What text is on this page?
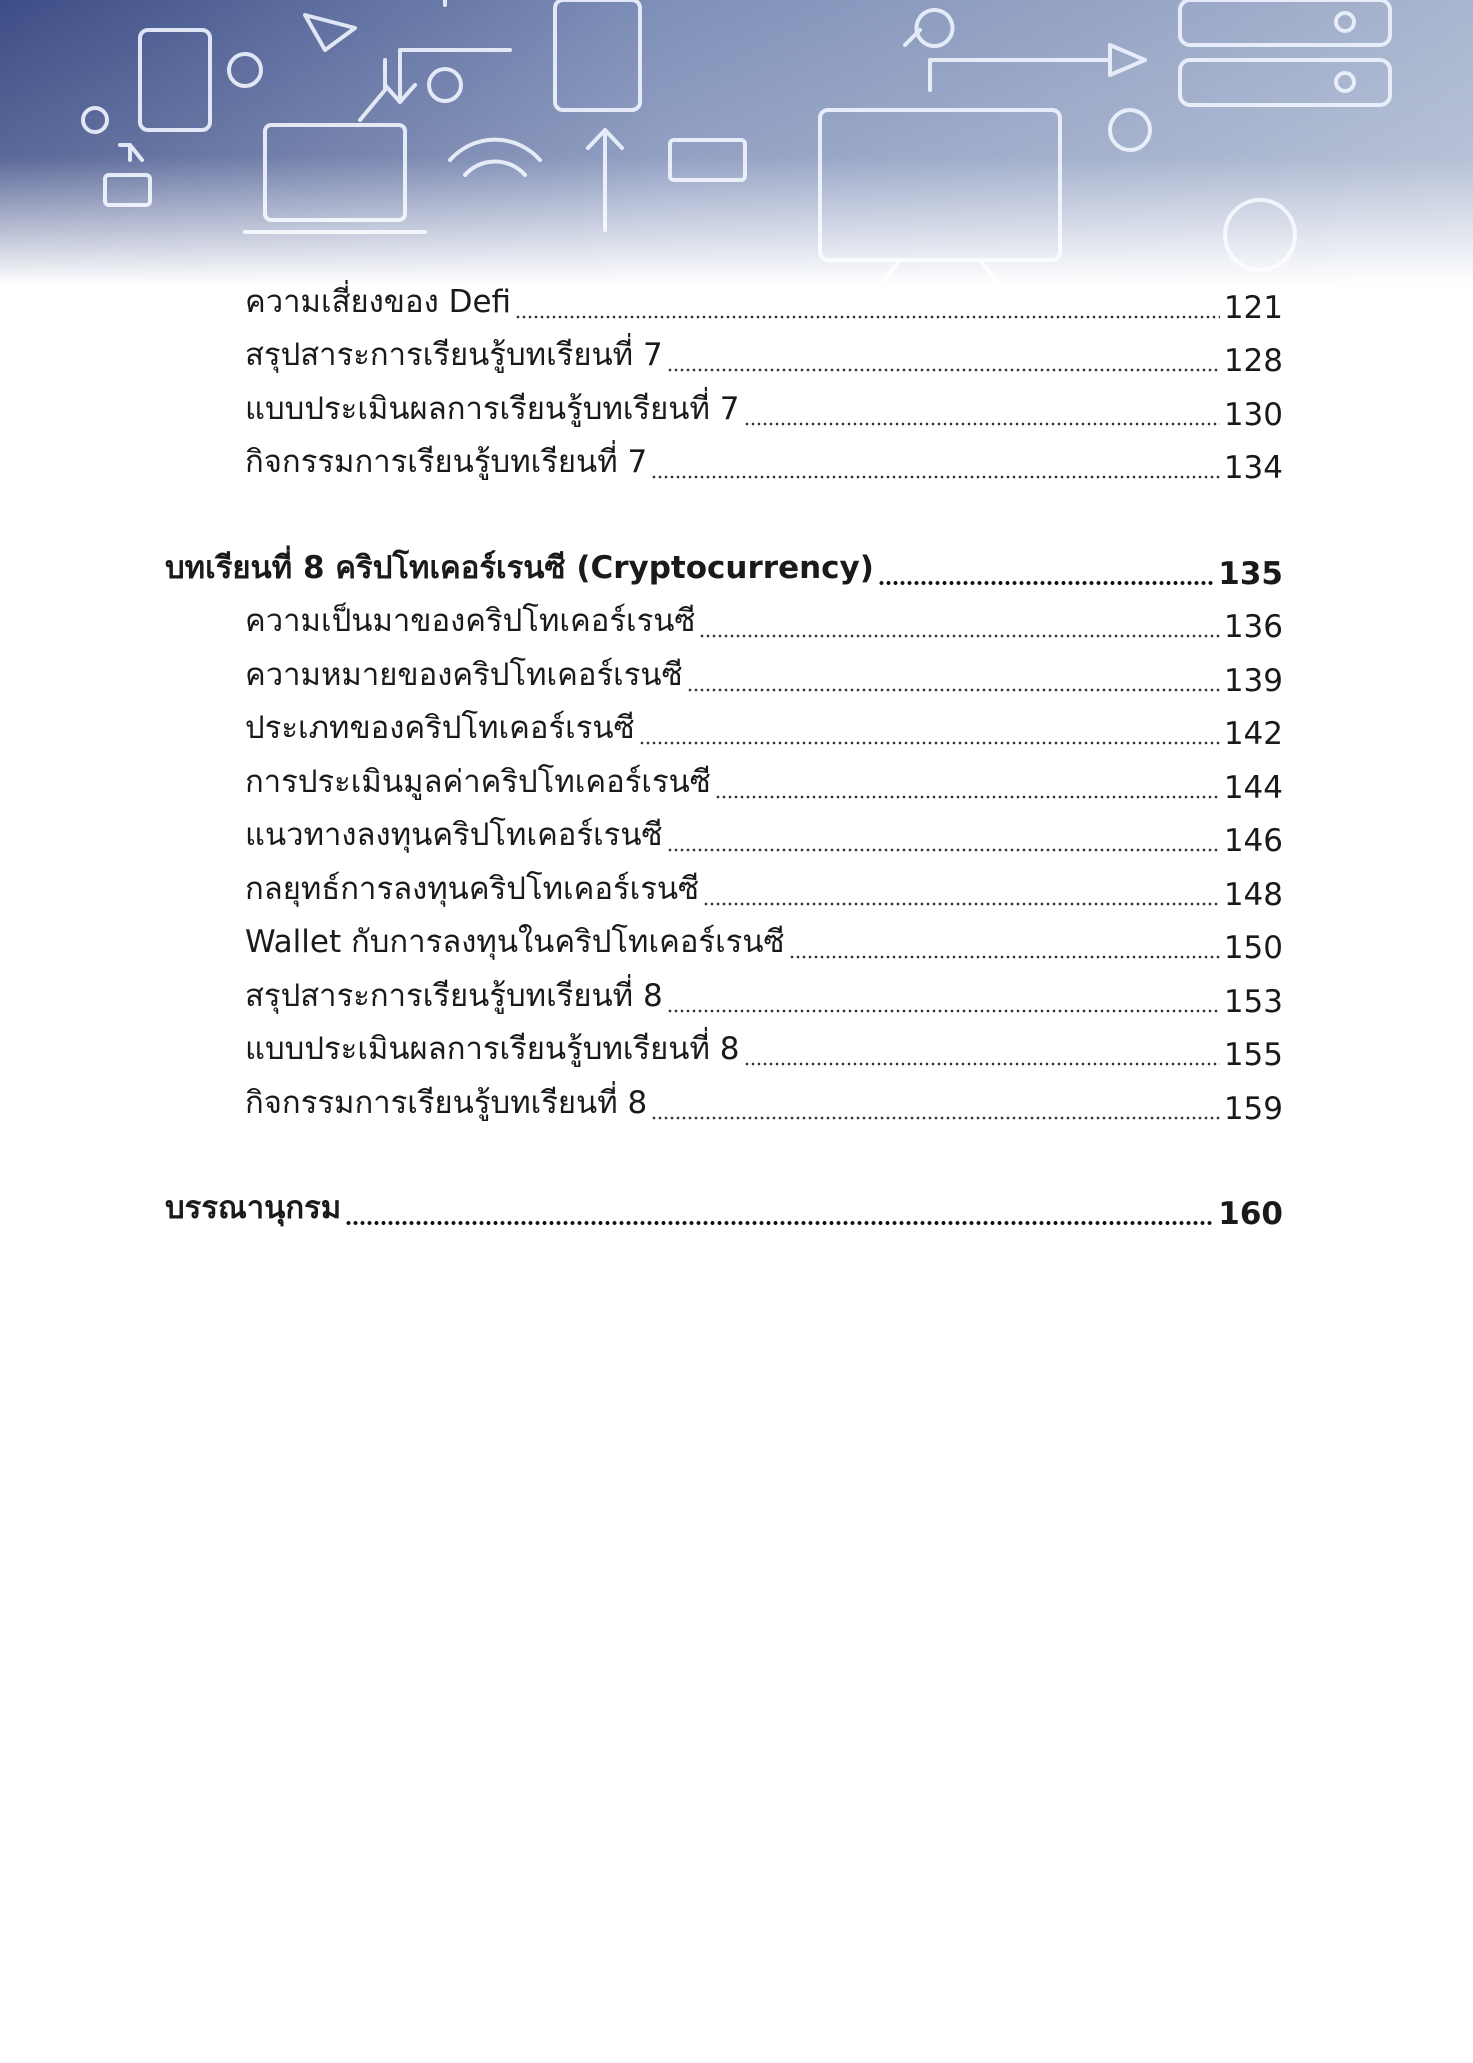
ความเสี่ยงของ Defi	121
สรุปสาระการเรียนรู้บทเรียนที่ 7	128
แบบประเมินผลการเรียนรู้บทเรียนที่ 7	130
กิจกรรมการเรียนรู้บทเรียนที่ 7	134
บทเรียนที่ 8 คริปโทเคอร์เรนซี (Cryptocurrency)	135
ความเป็นมาของคริปโทเคอร์เรนซี	136
ความหมายของคริปโทเคอร์เรนซี	139
ประเภทของคริปโทเคอร์เรนซี	142
การประเมินมูลค่าคริปโทเคอร์เรนซี	144
แนวทางลงทุนคริปโทเคอร์เรนซี	146
กลยุทธ์การลงทุนคริปโทเคอร์เรนซี	148
Wallet กับการลงทุนในคริปโทเคอร์เรนซี	150
สรุปสาระการเรียนรู้บทเรียนที่ 8	153
แบบประเมินผลการเรียนรู้บทเรียนที่ 8	155
กิจกรรมการเรียนรู้บทเรียนที่ 8	159
บรรณานุกรม	160
